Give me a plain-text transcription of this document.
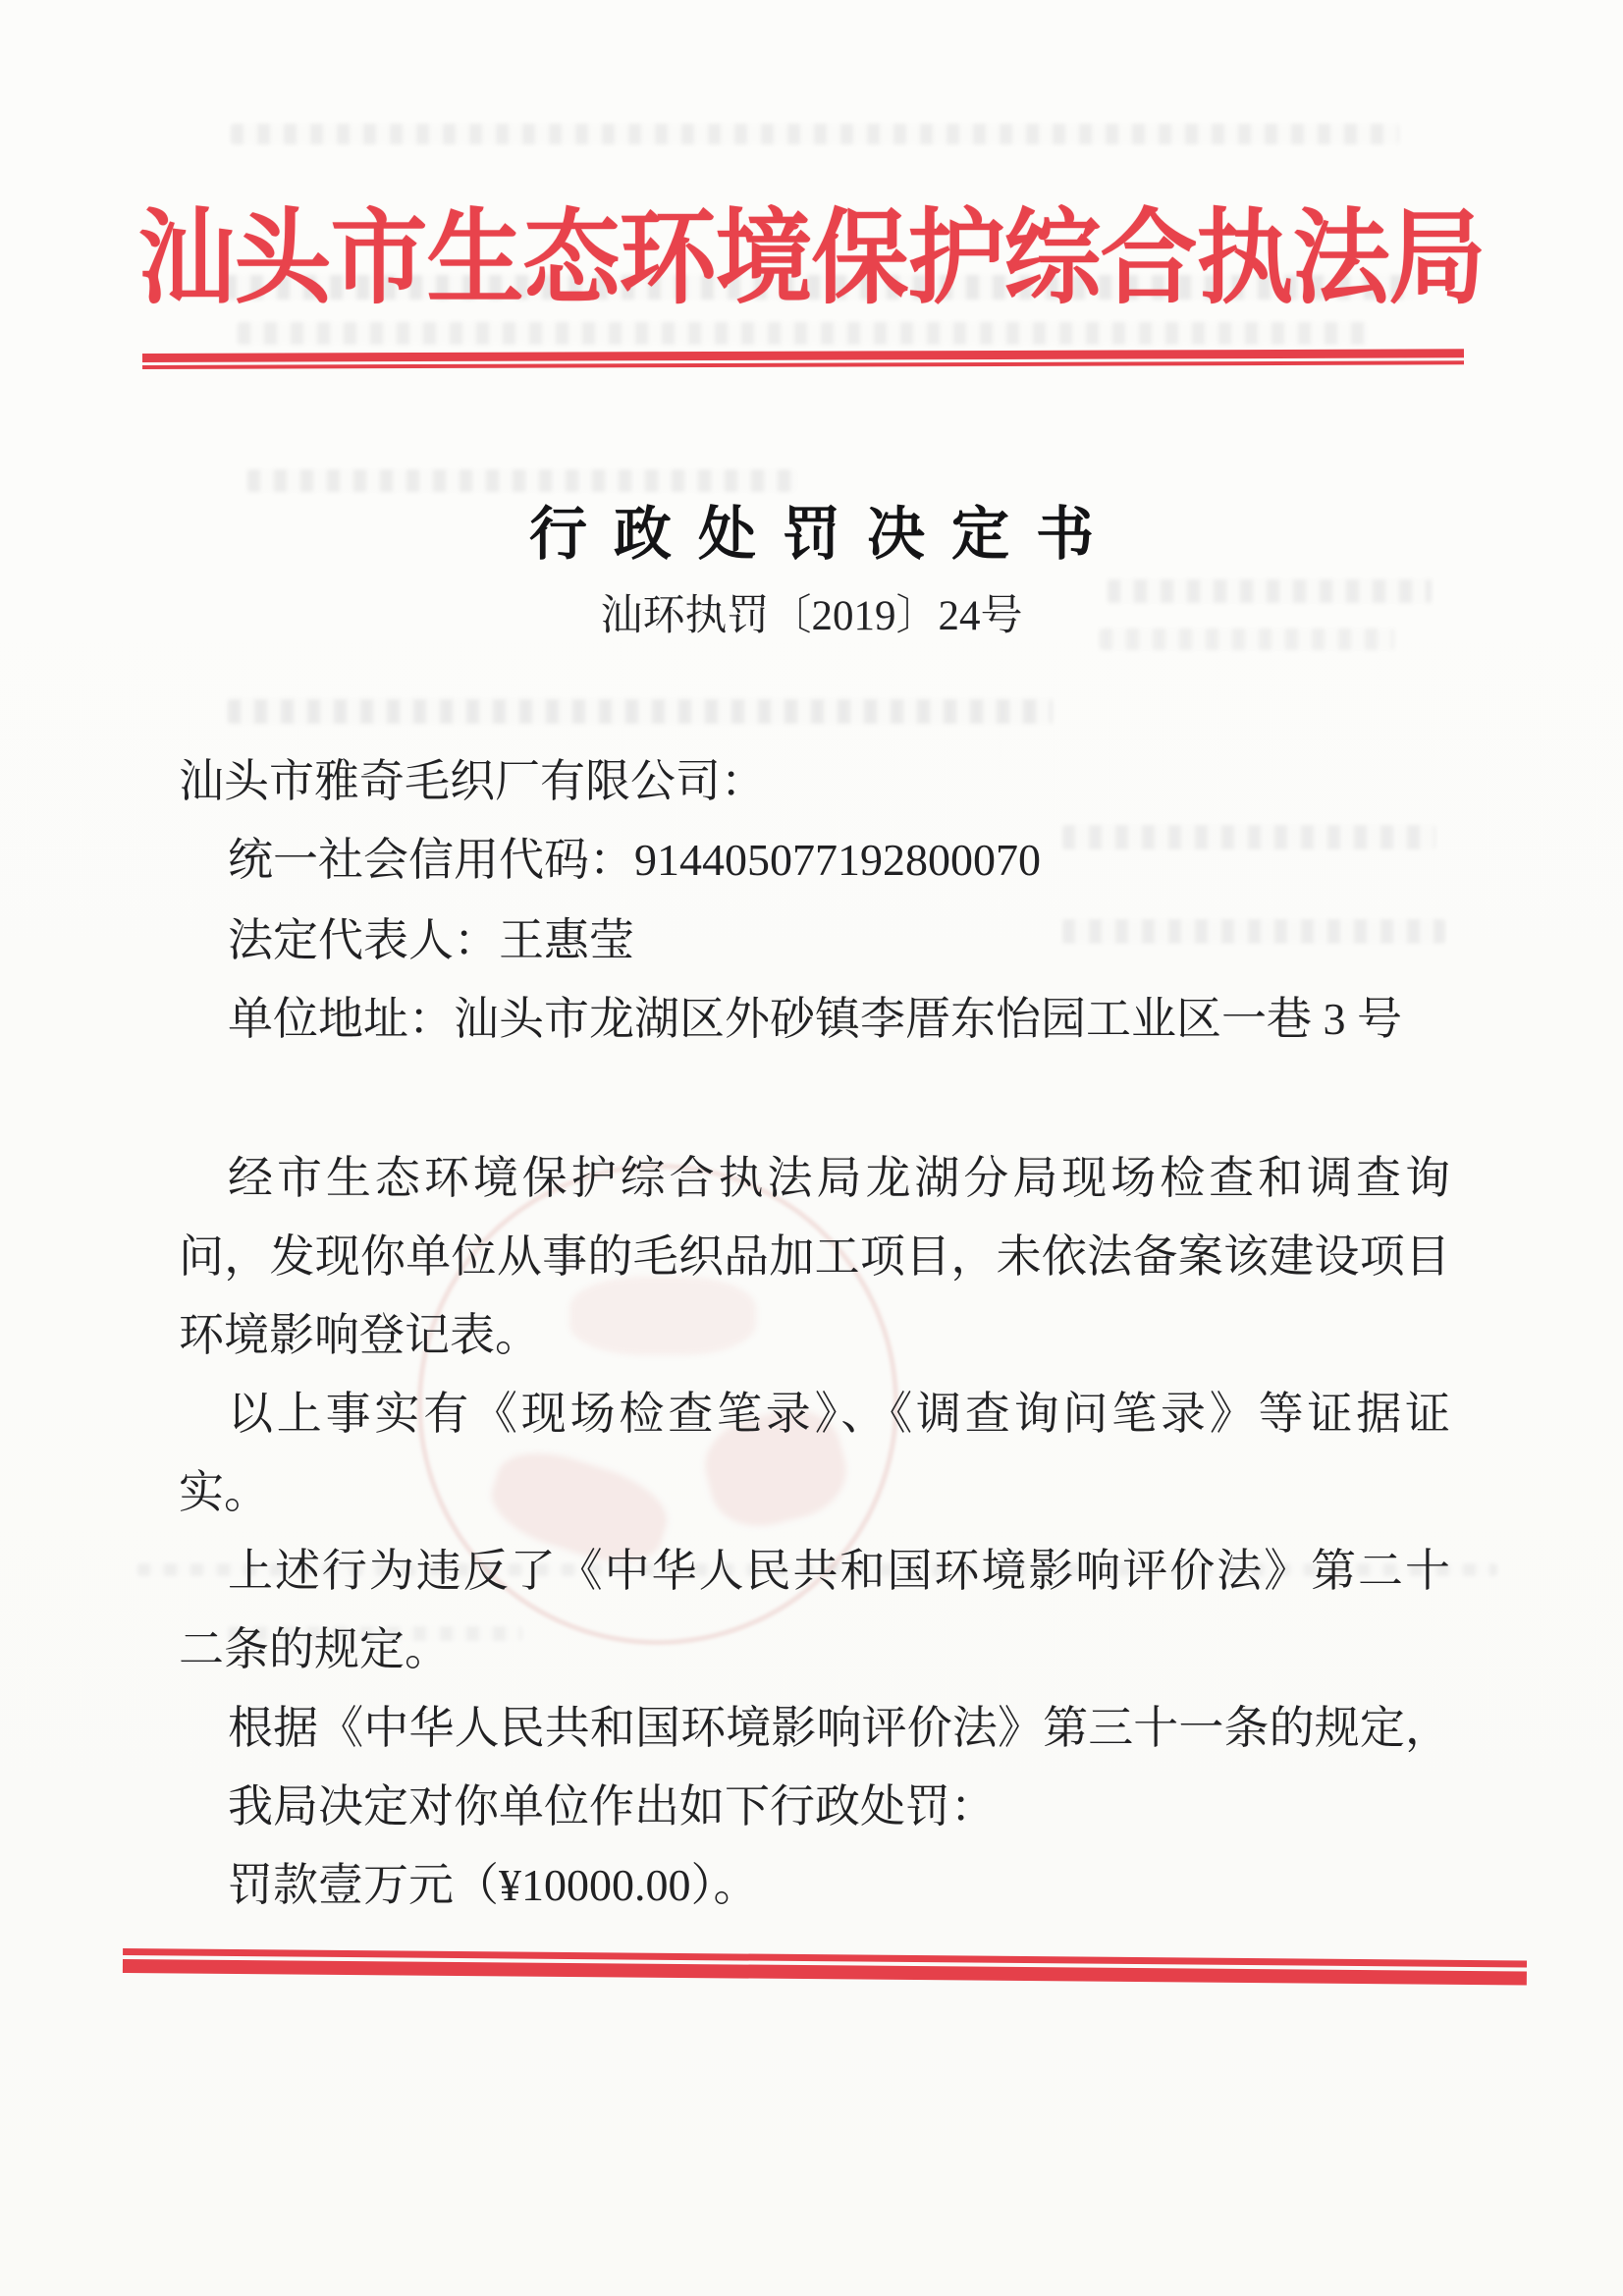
汕头市生态环境保护综合执法局
行政处罚决定书
汕环执罚〔2019〕24号
汕头市雅奇毛织厂有限公司：
统一社会信用代码：914405077192800070
法定代表人：王惠莹
单位地址：汕头市龙湖区外砂镇李厝东怡园工业区一巷 3 号
经市生态环境保护综合执法局龙湖分局现场检查和调查询
问，发现你单位从事的毛织品加工项目，未依法备案该建设项目
环境影响登记表。
以上事实有《现场检查笔录》、《调查询问笔录》等证据证
实。
上述行为违反了《中华人民共和国环境影响评价法》第二十
二条的规定。
根据《中华人民共和国环境影响评价法》第三十一条的规定，
我局决定对你单位作出如下行政处罚：
罚款壹万元（¥10000.00）。
